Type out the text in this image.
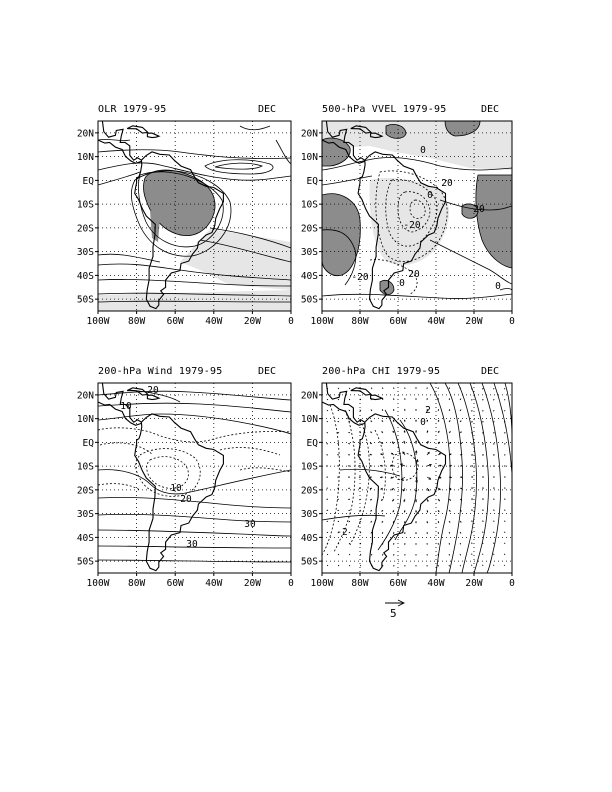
OLR 1979-95	DEC	500-hPa VVEL 1979-95	DEC
200-hPa Wind 1979-95	DEC	200-hPa CHI 1979-95	DEC
100W 80W 60W 40W 20W	0
20N
10N
EQ
10S
20S
30S
40S
50S
100W 80W 60W 40W 20W	0
20N
10N
EQ
10S
20S
30S
40S
50S
100W 80W 60W 40W 20W	0
20N
10N
EQ
10S
20S
30S
40S
50S
100W 80W 60W 40W 20W	0
20N
10N
EQ
10S
20S
30S
40S
50S
0
20
20
-20
20
0
-20
0
0
20
10
10
20
30
30
2
0
-2
5
